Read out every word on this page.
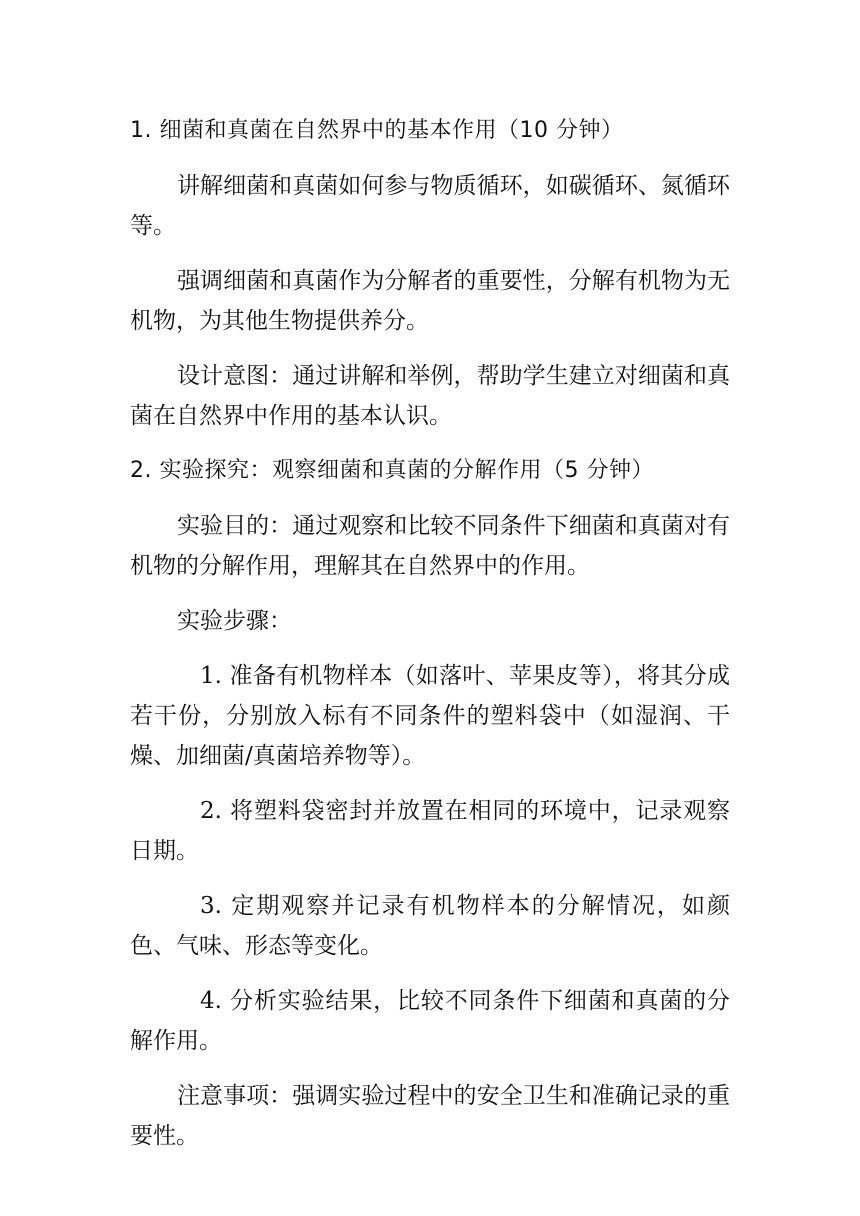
1. 细菌和真菌在自然界中的基本作用（10 分钟）

讲解细菌和真菌如何参与物质循环，如碳循环、氮循环等。

强调细菌和真菌作为分解者的重要性，分解有机物为无机物，为其他生物提供养分。

设计意图：通过讲解和举例，帮助学生建立对细菌和真菌在自然界中作用的基本认识。

2. 实验探究：观察细菌和真菌的分解作用（5 分钟）

实验目的：通过观察和比较不同条件下细菌和真菌对有机物的分解作用，理解其在自然界中的作用。

实验步骤：

1. 准备有机物样本（如落叶、苹果皮等），将其分成若干份，分别放入标有不同条件的塑料袋中（如湿润、干燥、加细菌/真菌培养物等）。

2. 将塑料袋密封并放置在相同的环境中，记录观察日期。

3. 定期观察并记录有机物样本的分解情况，如颜色、气味、形态等变化。

4. 分析实验结果，比较不同条件下细菌和真菌的分解作用。

注意事项：强调实验过程中的安全卫生和准确记录的重要性。
